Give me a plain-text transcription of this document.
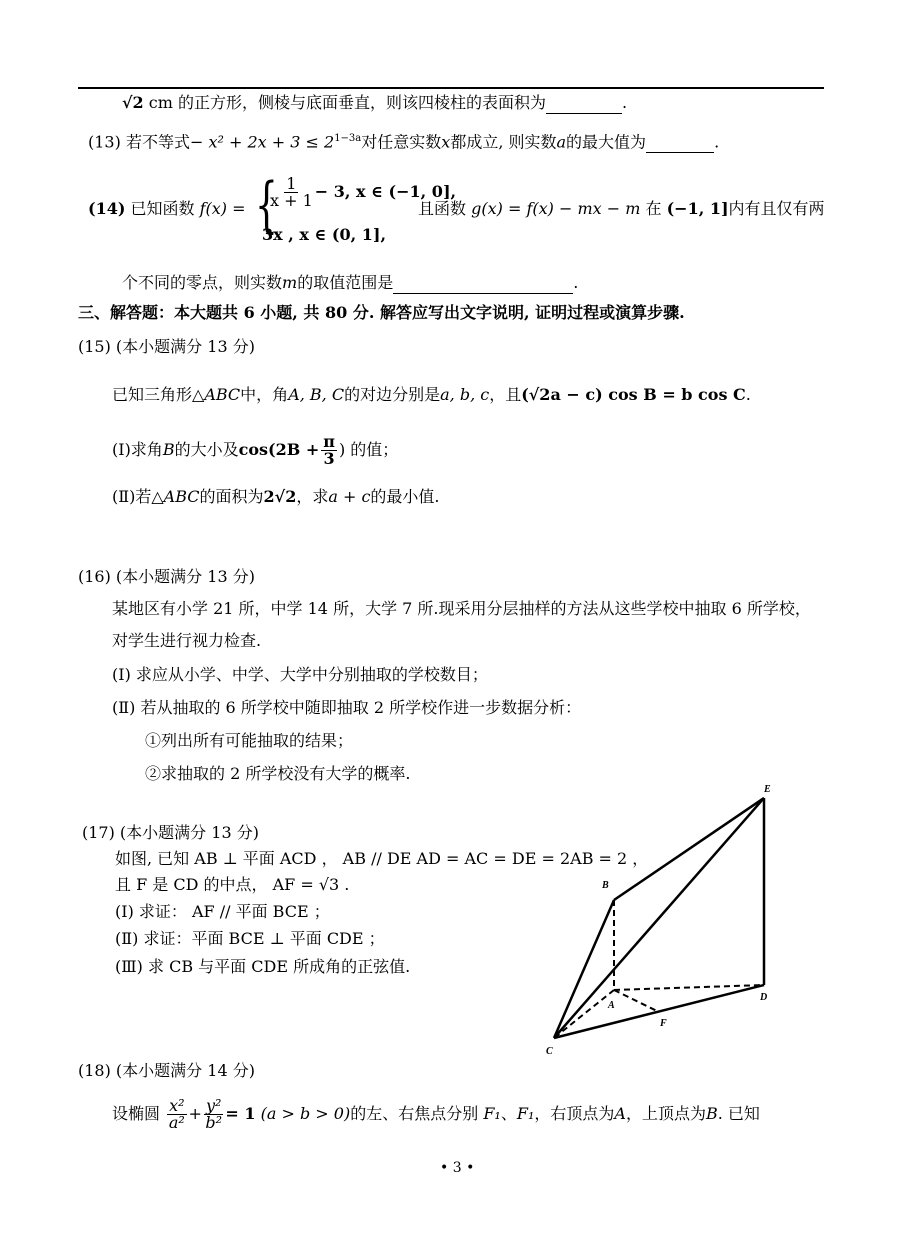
√2 cm 的正方形，侧棱与底面垂直，则该四棱柱的表面积为	.
(13) 若不等式− $x^2 + 2x + 3 \le 2^{1-3a}$对任意实数x都成立, 则实数a的最大值为	.
(14) 已知函数 f(x) = {
$\frac{1}{x + 1} - 3$, x ∈ (−1, 0],
3x , x ∈ (0, 1],
且函数 g(x) = f(x) − mx − m 在 (−1, 1]内有且仅有两
个不同的零点，则实数m的取值范围是	.
三、解答题：本大题共 6 小题, 共 80 分. 解答应写出文字说明, 证明过程或演算步骤.
(15) (本小题满分 13 分)
已知三角形△ABC中，角A, B, C的对边分别是a, b, c，且(√2a − c) cos B = b cos C.
(Ⅰ)求角B的大小及$\cos(2B + \frac{\pi}{3}$ ) 的值；
(Ⅱ)若△ABC的面积为2√2，求a + c的最小值.
(16) (本小题满分 13 分)
某地区有小学 21 所，中学 14 所，大学 7 所.现采用分层抽样的方法从这些学校中抽取 6 所学校，
对学生进行视力检查.
(Ⅰ) 求应从小学、中学、大学中分别抽取的学校数目；
(Ⅱ) 若从抽取的 6 所学校中随即抽取 2 所学校作进一步数据分析：
①列出所有可能抽取的结果；
②求抽取的 2 所学校没有大学的概率.
(17) (本小题满分 13 分)
如图, 已知 AB ⊥ 平面 ACD ， AB // DE AD = AC = DE = 2AB = 2 ，
且 F 是 CD 的中点， AF = √3 .
(Ⅰ) 求证： AF // 平面 BCE ；
(Ⅱ) 求证：平面 BCE ⊥ 平面 CDE ；
(Ⅲ) 求 CB 与平面 CDE 所成角的正弦值.
E
B
A
D
F
C
(18) (本小题满分 14 分)
设椭圆 $\frac{\text{x²}}{\text{a²}} + \frac{\text{y²}}{\text{b²}} = 1$ (a > b > 0)的左、右焦点分别 F₁、F₁，右顶点为A，上顶点为B. 已知
• 3 •
